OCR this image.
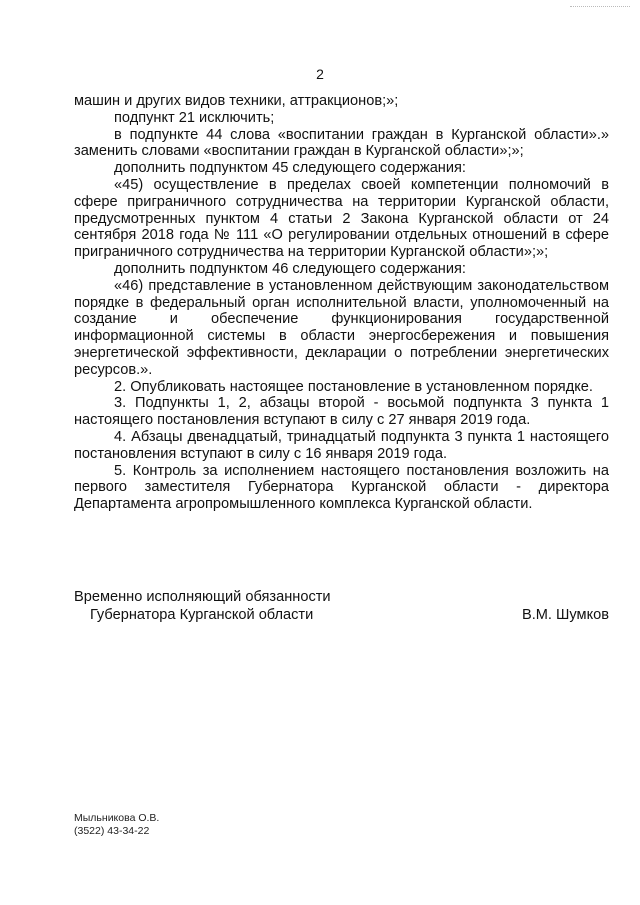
2

машин и других видов техники, аттракционов;»;

подпункт 21 исключить;

в подпункте 44 слова «воспитании граждан в Курганской области».» заменить словами «воспитании граждан в Курганской области»;»;

дополнить подпунктом 45 следующего содержания:

«45) осуществление в пределах своей компетенции полномочий в сфере приграничного сотрудничества на территории Курганской области, предусмотренных пунктом 4 статьи 2 Закона Курганской области от 24 сентября 2018 года № 111 «О регулировании отдельных отношений в сфере приграничного сотрудничества на территории Курганской области»;»;

дополнить подпунктом 46 следующего содержания:

«46) представление в установленном действующим законодательством порядке в федеральный орган исполнительной власти, уполномоченный на создание и обеспечение функционирования государственной информационной системы в области энергосбережения и повышения энергетической эффективности, декларации о потреблении энергетических ресурсов.».

2. Опубликовать настоящее постановление в установленном порядке.

3. Подпункты 1, 2, абзацы второй - восьмой подпункта 3 пункта 1 настоящего постановления вступают в силу с 27 января 2019 года.

4. Абзацы двенадцатый, тринадцатый подпункта 3 пункта 1 настоящего постановления вступают в силу с 16 января 2019 года.

5. Контроль за исполнением настоящего постановления возложить на первого заместителя Губернатора Курганской области - директора Департамента агропромышленного комплекса Курганской области.

Временно исполняющий обязанности
Губернатора Курганской области	В.М. Шумков
Мыльникова О.В.
(3522) 43-34-22
